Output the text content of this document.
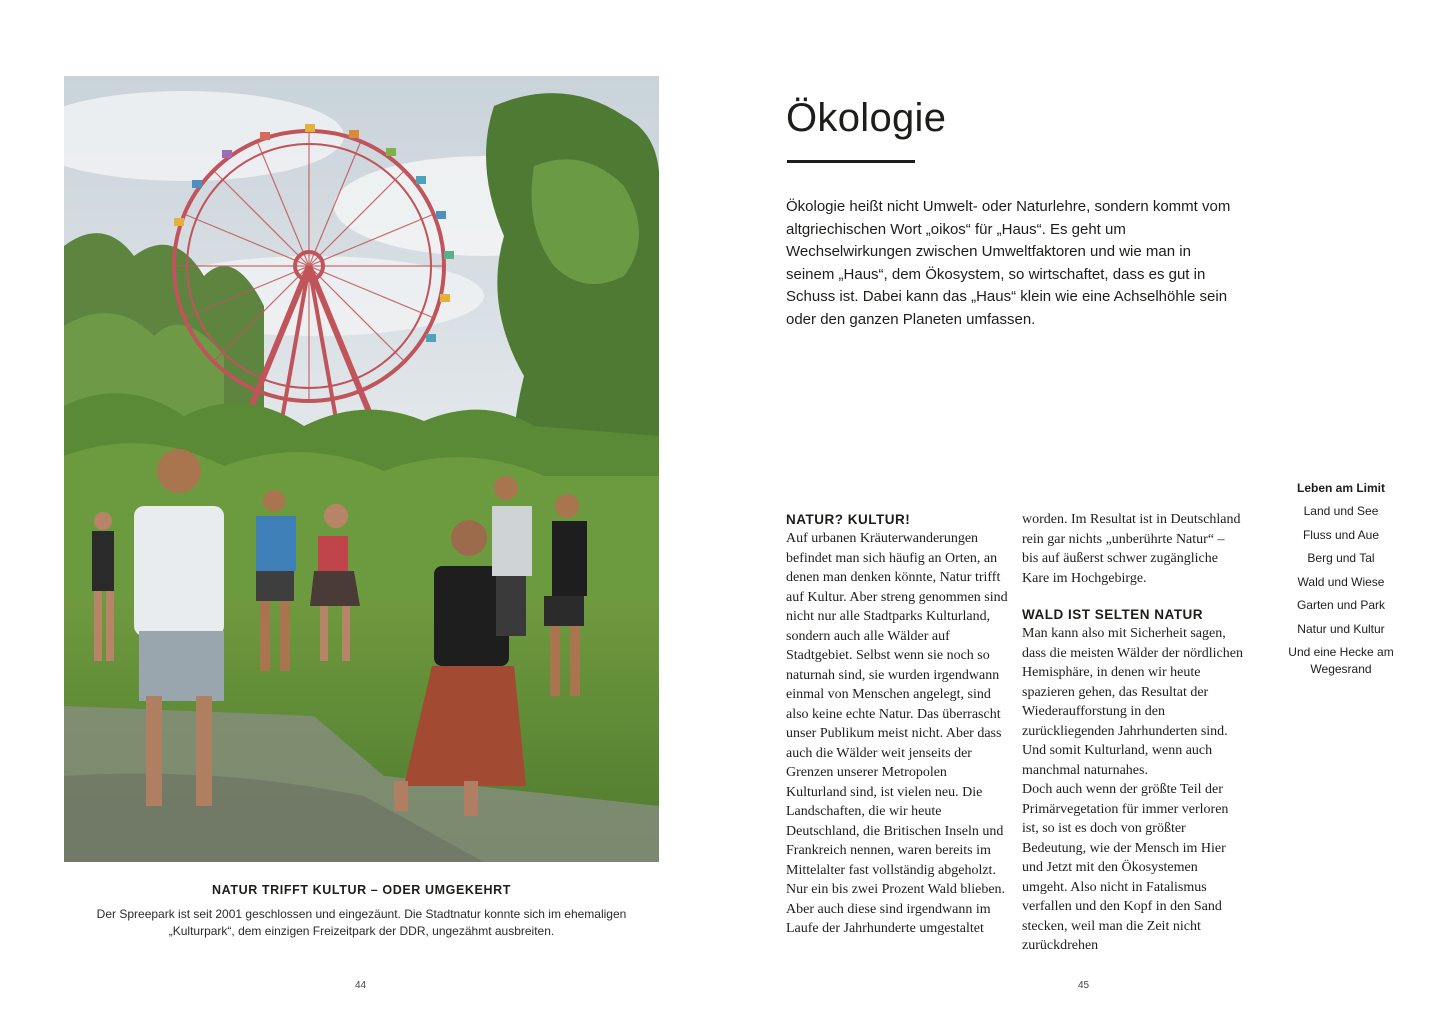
NATUR TRIFFT KULTUR – ODER UMGEKEHRT
Der Spreepark ist seit 2001 geschlossen und eingezäunt. Die Stadtnatur konnte sich im ehemaligen „Kulturpark“, dem einzigen Freizeitpark der DDR, ungezähmt ausbreiten.
44
Ökologie

Ökologie heißt nicht Umwelt- oder Naturlehre, sondern kommt vom altgriechischen Wort „oikos“ für „Haus“. Es geht um Wechselwirkungen zwischen Umweltfaktoren und wie man in seinem „Haus“, dem Ökosystem, so wirtschaftet, dass es gut in Schuss ist. Dabei kann das „Haus“ klein wie eine Achselhöhle sein oder den ganzen Planeten umfassen.

NATUR? KULTUR!

Auf urbanen Kräuterwanderungen befindet man sich häufig an Orten, an denen man denken könnte, Natur trifft auf Kultur. Aber streng genommen sind nicht nur alle Stadtparks Kulturland, sondern auch alle Wälder auf Stadtgebiet. Selbst wenn sie noch so naturnah sind, sie wurden irgendwann einmal von Menschen angelegt, sind also keine echte Natur. Das überrascht unser Publikum meist nicht. Aber dass auch die Wälder weit jenseits der Grenzen unserer Metropolen Kulturland sind, ist vielen neu. Die Landschaften, die wir heute Deutschland, die Britischen Inseln und Frankreich nennen, waren bereits im Mittelalter fast vollständig abgeholzt. Nur ein bis zwei Prozent Wald blieben. Aber auch diese sind irgendwann im Laufe der Jahrhunderte umgestaltet

worden. Im Resultat ist in Deutschland rein gar nichts „unberührte Natur“ – bis auf äußerst schwer zugängliche Kare im Hochgebirge.

WALD IST SELTEN NATUR

Man kann also mit Sicherheit sagen, dass die meisten Wälder der nördlichen Hemisphäre, in denen wir heute spazieren gehen, das Resultat der Wiederaufforstung in den zurückliegenden Jahrhunderten sind. Und somit Kulturland, wenn auch manchmal naturnahes.

Doch auch wenn der größte Teil der Primärvegetation für immer verloren ist, so ist es doch von größter Bedeutung, wie der Mensch im Hier und Jetzt mit den Ökosystemen umgeht. Also nicht in Fatalismus verfallen und den Kopf in den Sand stecken, weil man die Zeit nicht zurückdrehen

Leben am Limit
Land und See
Fluss und Aue
Berg und Tal
Wald und Wiese
Garten und Park
Natur und Kultur
Und eine Hecke am Wegesrand
45
